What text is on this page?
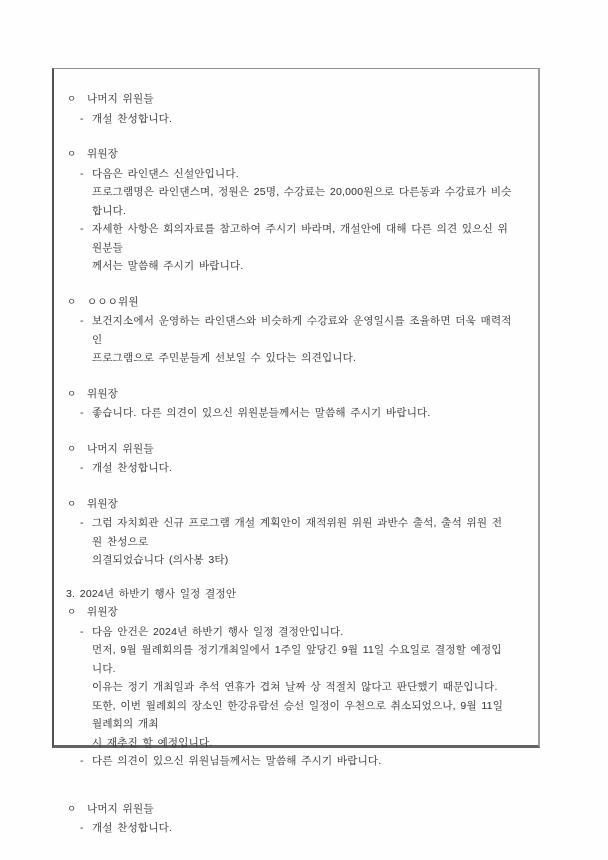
ㅇ 나머지 위원들
- 개설 찬성합니다.
ㅇ 위원장
- 다음은 라인댄스 신설안입니다.
프로그램명은 라인댄스며, 정원은 25명, 수강료는 20,000원으로 다른동과 수강료가 비슷합니다.
- 자세한 사항은 회의자료를 참고하여 주시기 바라며, 개설안에 대해 다른 의견 있으신 위원분들
께서는 말씀해 주시기 바랍니다.
ㅇ ㅇㅇㅇ위원
- 보건지소에서 운영하는 라인댄스와 비슷하게 수강료와 운영일시를 조율하면 더욱 매력적인
프로그램으로 주민분들게 선보일 수 있다는 의견입니다.
ㅇ 위원장
- 좋습니다. 다른 의견이 있으신 위원분들께서는 말씀해 주시기 바랍니다.
ㅇ 나머지 위원들
- 개설 찬성합니다.
ㅇ 위원장
- 그럼 자치회관 신규 프로그램 개설 계획안이 재적위원 위원 과반수 출석, 출석 위원 전원 찬성으로
의결되었습니다 (의사봉 3타)
3. 2024년 하반기 행사 일정 결정안
ㅇ 위원장
- 다음 안건은 2024년 하반기 행사 일정 결정안입니다.
먼저, 9월 월례회의를 정기개최일에서 1주일 앞당긴 9월 11일 수요일로 결정할 예정입니다.
이유는 정기 개최일과 추석 연휴가 겹쳐 날짜 상 적절치 않다고 판단했기 때문입니다.
또한, 이번 월례회의 장소인 한강유람선 승선 일정이 우천으로 취소되었으나, 9월 11일 월례회의 개최
시 재추진 할 예정입니다.
- 다른 의견이 있으신 위원님들께서는 말씀해 주시기 바랍니다.
ㅇ 나머지 위원들
- 개설 찬성합니다.
